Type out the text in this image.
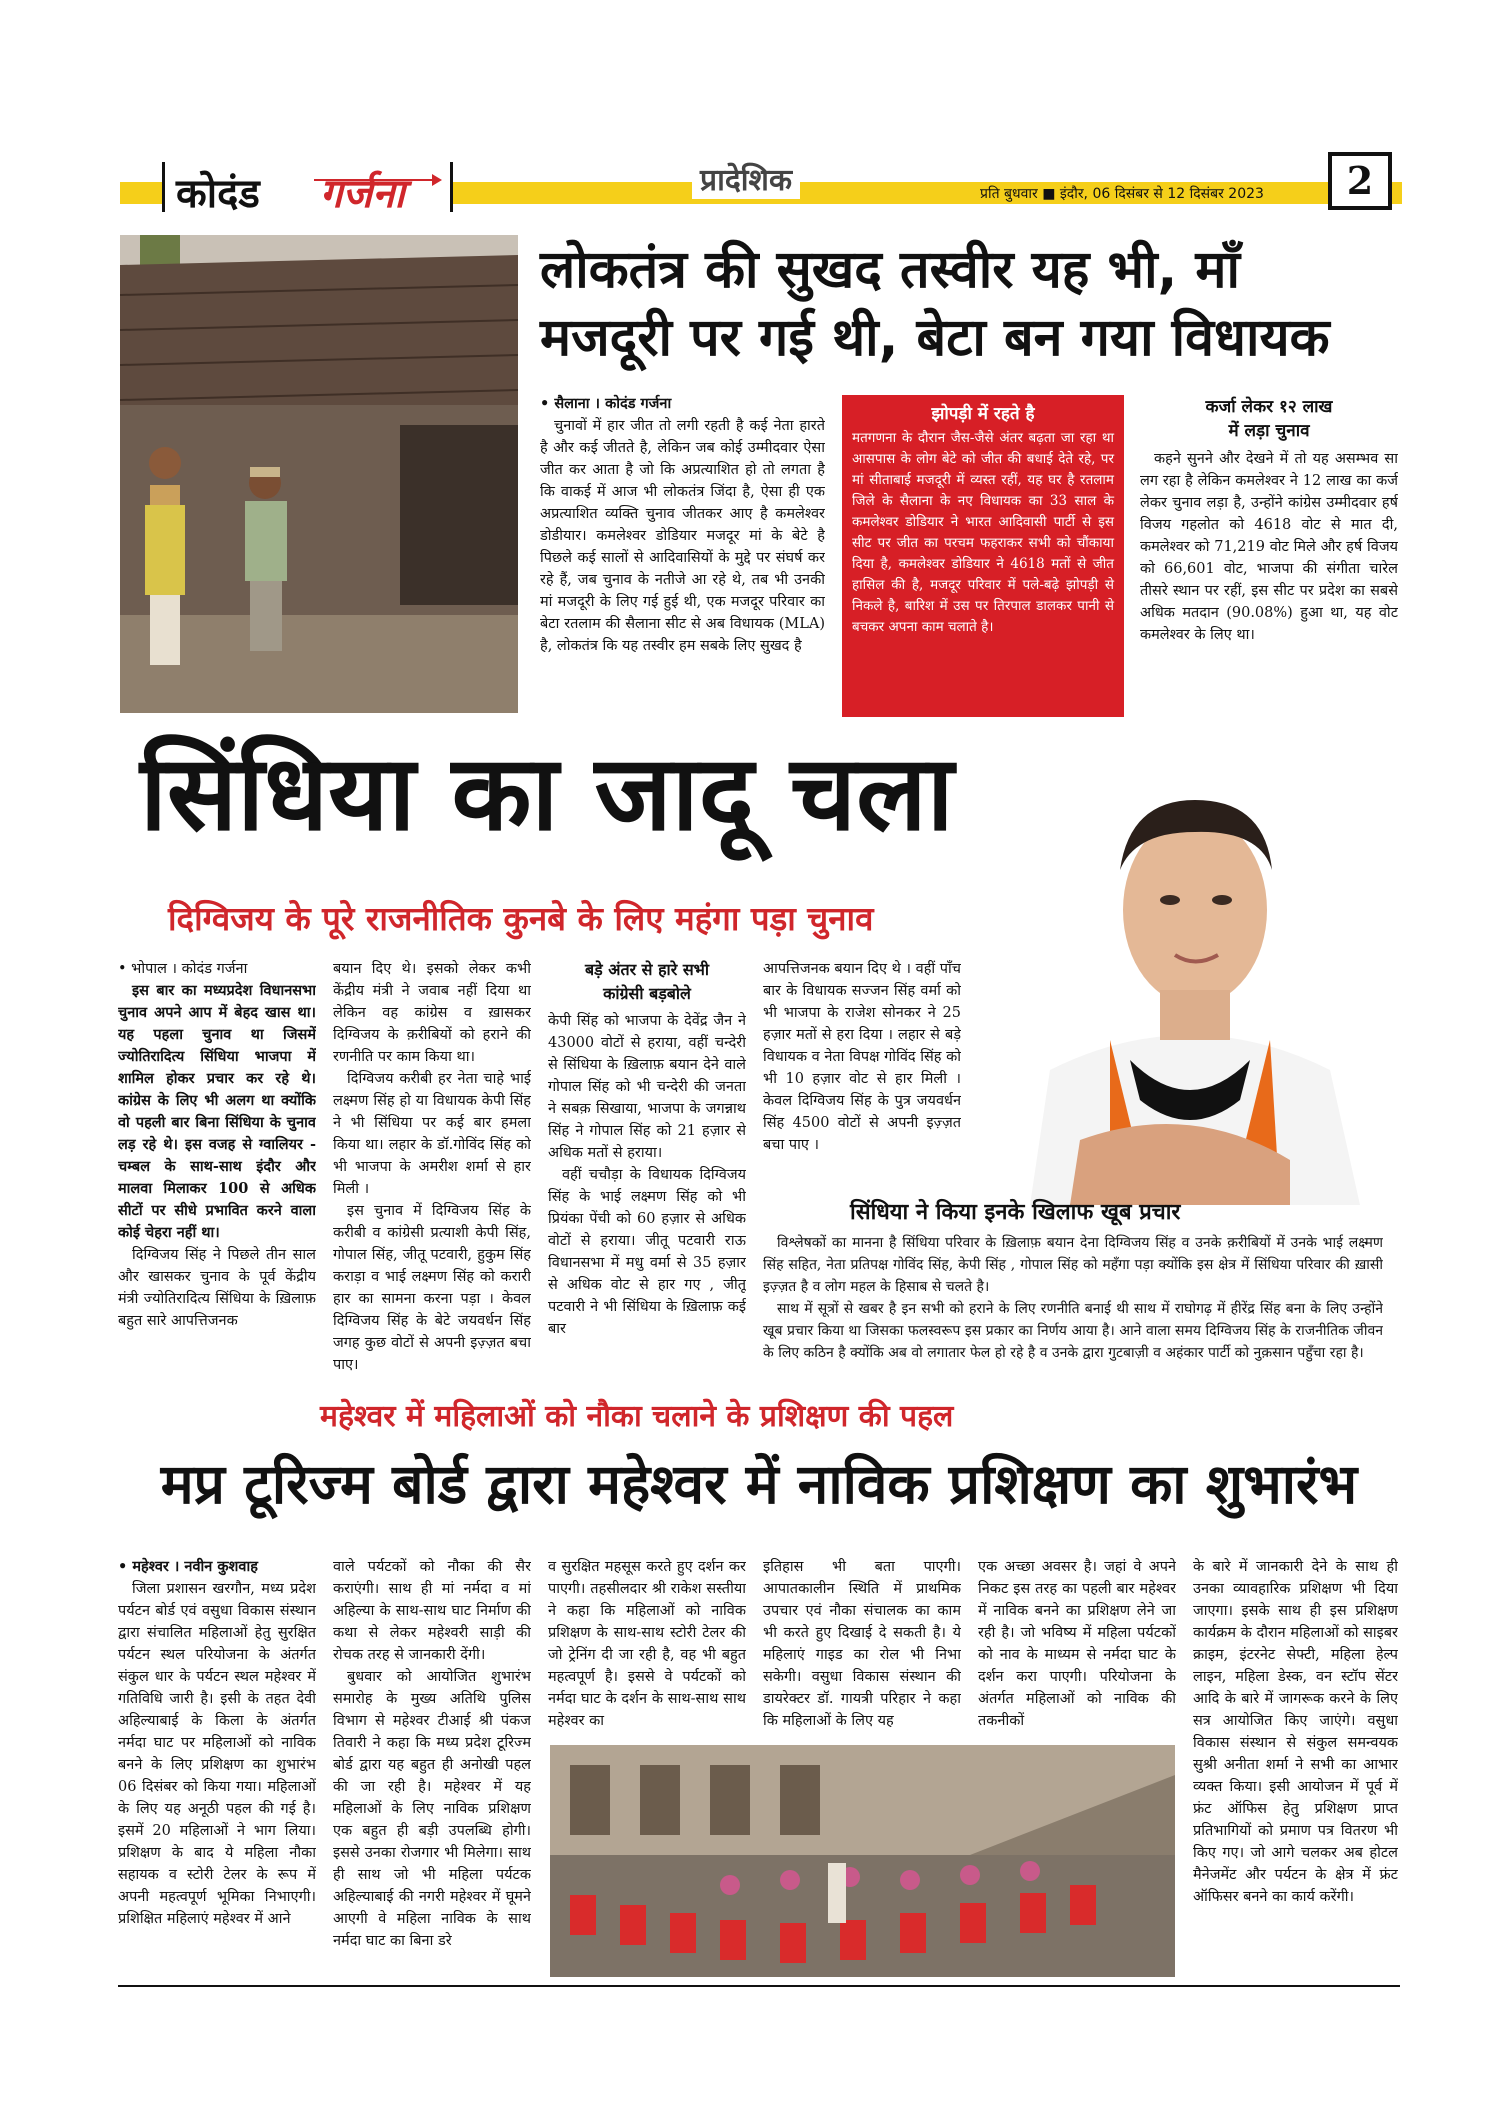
कोदंड गर्जना	प्रादेशिक	प्रति बुधवार ■ इंदौर, 06 दिसंबर से 12 दिसंबर 2023	2
लोकतंत्र की सुखद तस्वीर यह भी, माँ
मजदूरी पर गई थी, बेटा बन गया विधायक

• सैलाना । कोदंड गर्जना

चुनावों में हार जीत तो लगी रहती है कई नेता हारते है और कई जीतते है, लेकिन जब कोई उम्मीदवार ऐसा जीत कर आता है जो कि अप्रत्याशित हो तो लगता है कि वाकई में आज भी लोकतंत्र जिंदा है, ऐसा ही एक अप्रत्याशित व्यक्ति चुनाव जीतकर आए है कमलेश्वर डोडीयार। कमलेश्वर डोडियार मजदूर मां के बेटे है पिछले कई सालों से आदिवासियों के मुद्दे पर संघर्ष कर रहे हैं, जब चुनाव के नतीजे आ रहे थे, तब भी उनकी मां मजदूरी के लिए गई हुई थी, एक मजदूर परिवार का बेटा रतलाम की सैलाना सीट से अब विधायक (MLA) है, लोकतंत्र कि यह तस्वीर हम सबके लिए सुखद है

झोपड़ी में रहते है
मतगणना के दौरान जैस-जैसे अंतर बढ़ता जा रहा था आसपास के लोग बेटे को जीत की बधाई देते रहे, पर मां सीताबाई मजदूरी में व्यस्त रहीं, यह घर है रतलाम जिले के सैलाना के नए विधायक का 33 साल के कमलेश्वर डोडियार ने भारत आदिवासी पार्टी से इस सीट पर जीत का परचम फहराकर सभी को चौंकाया दिया है, कमलेश्वर डोडियार ने 4618 मतों से जीत हासिल की है, मजदूर परिवार में पले-बढ़े झोपड़ी से निकले है, बारिश में उस पर तिरपाल डालकर पानी से बचकर अपना काम चलाते है।
कर्जा लेकर १२ लाख
में लड़ा चुनाव

कहने सुनने और देखने में तो यह असम्भव सा लग रहा है लेकिन कमलेश्वर ने 12 लाख का कर्ज लेकर चुनाव लड़ा है, उन्होंने कांग्रेस उम्मीदवार हर्ष विजय गहलोत को 4618 वोट से मात दी, कमलेश्वर को 71,219 वोट मिले और हर्ष विजय को 66,601 वोट, भाजपा की संगीता चारेल तीसरे स्थान पर रहीं, इस सीट पर प्रदेश का सबसे अधिक मतदान (90.08%) हुआ था, यह वोट कमलेश्वर के लिए था।

सिंधिया का जादू चला
दिग्विजय के पूरे राजनीतिक कुनबे के लिए महंगा पड़ा चुनाव

• भोपाल । कोदंड गर्जना

इस बार का मध्यप्रदेश विधानसभा चुनाव अपने आप में बेहद खास था। यह पहला चुनाव था जिसमें ज्योतिरादित्य सिंधिया भाजपा में शामिल होकर प्रचार कर रहे थे। कांग्रेस के लिए भी अलग था क्योंकि वो पहली बार बिना सिंधिया के चुनाव लड़ रहे थे। इस वजह से ग्वालियर - चम्बल के साथ-साथ इंदौर और मालवा मिलाकर 100 से अधिक सीटों पर सीधे प्रभावित करने वाला कोई चेहरा नहीं था।

दिग्विजय सिंह ने पिछले तीन साल और खासकर चुनाव के पूर्व केंद्रीय मंत्री ज्योतिरादित्य सिंधिया के ख़िलाफ़ बहुत सारे आपत्तिजनक

बयान दिए थे। इसको लेकर कभी केंद्रीय मंत्री ने जवाब नहीं दिया था लेकिन वह कांग्रेस व ख़ासकर दिग्विजय के क़रीबियों को हराने की रणनीति पर काम किया था।

दिग्विजय करीबी हर नेता चाहे भाई लक्ष्मण सिंह हो या विधायक केपी सिंह ने भी सिंधिया पर कई बार हमला किया था। लहार के डॉ.गोविंद सिंह को भी भाजपा के अमरीश शर्मा से हार मिली ।

इस चुनाव में दिग्विजय सिंह के करीबी व कांग्रेसी प्रत्याशी केपी सिंह, गोपाल सिंह, जीतू पटवारी, हुकुम सिंह कराड़ा व भाई लक्ष्मण सिंह को करारी हार का सामना करना पड़ा । केवल दिग्विजय सिंह के बेटे जयवर्धन सिंह जगह कुछ वोटों से अपनी इज़्ज़त बचा पाए।

बड़े अंतर से हारे सभी
कांग्रेसी बड़बोले

केपी सिंह को भाजपा के देवेंद्र जैन ने 43000 वोटों से हराया, वहीं चन्देरी से सिंधिया के ख़िलाफ़ बयान देने वाले गोपाल सिंह को भी चन्देरी की जनता ने सबक़ सिखाया, भाजपा के जगन्नाथ सिंह ने गोपाल सिंह को 21 हज़ार से अधिक मतों से हराया।

वहीं चचौड़ा के विधायक दिग्विजय सिंह के भाई लक्ष्मण सिंह को भी प्रियंका पेंची को 60 हज़ार से अधिक वोटों से हराया। जीतू पटवारी राऊ विधानसभा में मधु वर्मा से 35 हज़ार से अधिक वोट से हार गए , जीतू पटवारी ने भी सिंधिया के ख़िलाफ़ कई बार

आपत्तिजनक बयान दिए थे । वहीं पाँच बार के विधायक सज्जन सिंह वर्मा को भी भाजपा के राजेश सोनकर ने 25 हज़ार मतों से हरा दिया । लहार से बड़े विधायक व नेता विपक्ष गोविंद सिंह को भी 10 हज़ार वोट से हार मिली । केवल दिग्विजय सिंह के पुत्र जयवर्धन सिंह 4500 वोटों से अपनी इज़्ज़त बचा पाए ।

सिंधिया ने किया इनके खिलाफ खूब प्रचार

विश्लेषकों का मानना है सिंधिया परिवार के ख़िलाफ़ बयान देना दिग्विजय सिंह व उनके क़रीबियों में उनके भाई लक्ष्मण सिंह सहित, नेता प्रतिपक्ष गोविंद सिंह, केपी सिंह , गोपाल सिंह को महँगा पड़ा क्योंकि इस क्षेत्र में सिंधिया परिवार की ख़ासी इज़्ज़त है व लोग महल के हिसाब से चलते है।

साथ में सूत्रों से खबर है इन सभी को हराने के लिए रणनीति बनाई थी साथ में राघोगढ़ में हीरेंद्र सिंह बना के लिए उन्होंने खूब प्रचार किया था जिसका फलस्वरूप इस प्रकार का निर्णय आया है। आने वाला समय दिग्विजय सिंह के राजनीतिक जीवन के लिए कठिन है क्योंकि अब वो लगातार फेल हो रहे है व उनके द्वारा गुटबाज़ी व अहंकार पार्टी को नुक़सान पहुँचा रहा है।

महेश्वर में महिलाओं को नौका चलाने के प्रशिक्षण की पहल
मप्र टूरिज्म बोर्ड द्वारा महेश्वर में नाविक प्रशिक्षण का शुभारंभ

• महेश्वर । नवीन कुशवाह

जिला प्रशासन खरगौन, मध्य प्रदेश पर्यटन बोर्ड एवं वसुधा विकास संस्थान द्वारा संचालित महिलाओं हेतु सुरक्षित पर्यटन स्थल परियोजना के अंतर्गत संकुल धार के पर्यटन स्थल महेश्वर में गतिविधि जारी है। इसी के तहत देवी अहिल्याबाई के किला के अंतर्गत नर्मदा घाट पर महिलाओं को नाविक बनने के लिए प्रशिक्षण का शुभारंभ 06 दिसंबर को किया गया। महिलाओं के लिए यह अनूठी पहल की गई है। इसमें 20 महिलाओं ने भाग लिया। प्रशिक्षण के बाद ये महिला नौका सहायक व स्टोरी टेलर के रूप में अपनी महत्वपूर्ण भूमिका निभाएगी। प्रशिक्षित महिलाएं महेश्वर में आने

वाले पर्यटकों को नौका की सैर कराएंगी। साथ ही मां नर्मदा व मां अहिल्या के साथ-साथ घाट निर्माण की कथा से लेकर महेश्वरी साड़ी की रोचक तरह से जानकारी देंगी।

बुधवार को आयोजित शुभारंभ समारोह के मुख्य अतिथि पुलिस विभाग से महेश्वर टीआई श्री पंकज तिवारी ने कहा कि मध्य प्रदेश टूरिज्म बोर्ड द्वारा यह बहुत ही अनोखी पहल की जा रही है। महेश्वर में यह महिलाओं के लिए नाविक प्रशिक्षण एक बहुत ही बड़ी उपलब्धि होगी। इससे उनका रोजगार भी मिलेगा। साथ ही साथ जो भी महिला पर्यटक अहिल्याबाई की नगरी महेश्वर में घूमने आएगी वे महिला नाविक के साथ नर्मदा घाट का बिना डरे

व सुरक्षित महसूस करते हुए दर्शन कर पाएगी। तहसीलदार श्री राकेश सस्तीया ने कहा कि महिलाओं को नाविक प्रशिक्षण के साथ-साथ स्टोरी टेलर की जो ट्रेनिंग दी जा रही है, वह भी बहुत महत्वपूर्ण है। इससे वे पर्यटकों को नर्मदा घाट के दर्शन के साथ-साथ साथ महेश्वर का

इतिहास भी बता पाएगी। आपातकालीन स्थिति में प्राथमिक उपचार एवं नौका संचालक का काम भी करते हुए दिखाई दे सकती है। ये महिलाएं गाइड का रोल भी निभा सकेगी। वसुधा विकास संस्थान की डायरेक्टर डॉ. गायत्री परिहार ने कहा कि महिलाओं के लिए यह

एक अच्छा अवसर है। जहां वे अपने निकट इस तरह का पहली बार महेश्वर में नाविक बनने का प्रशिक्षण लेने जा रही है। जो भविष्य में महिला पर्यटकों को नाव के माध्यम से नर्मदा घाट के दर्शन करा पाएगी। परियोजना के अंतर्गत महिलाओं को नाविक की तकनीकों

के बारे में जानकारी देने के साथ ही उनका व्यावहारिक प्रशिक्षण भी दिया जाएगा। इसके साथ ही इस प्रशिक्षण कार्यक्रम के दौरान महिलाओं को साइबर क्राइम, इंटरनेट सेफ्टी, महिला हेल्प लाइन, महिला डेस्क, वन स्टॉप सेंटर आदि के बारे में जागरूक करने के लिए सत्र आयोजित किए जाएंगे। वसुधा विकास संस्थान से संकुल समन्वयक सुश्री अनीता शर्मा ने सभी का आभार व्यक्त किया। इसी आयोजन में पूर्व में फ्रंट ऑफिस हेतु प्रशिक्षण प्राप्त प्रतिभागियों को प्रमाण पत्र वितरण भी किए गए। जो आगे चलकर अब होटल मैनेजमेंट और पर्यटन के क्षेत्र में फ्रंट ऑफिसर बनने का कार्य करेंगी।
